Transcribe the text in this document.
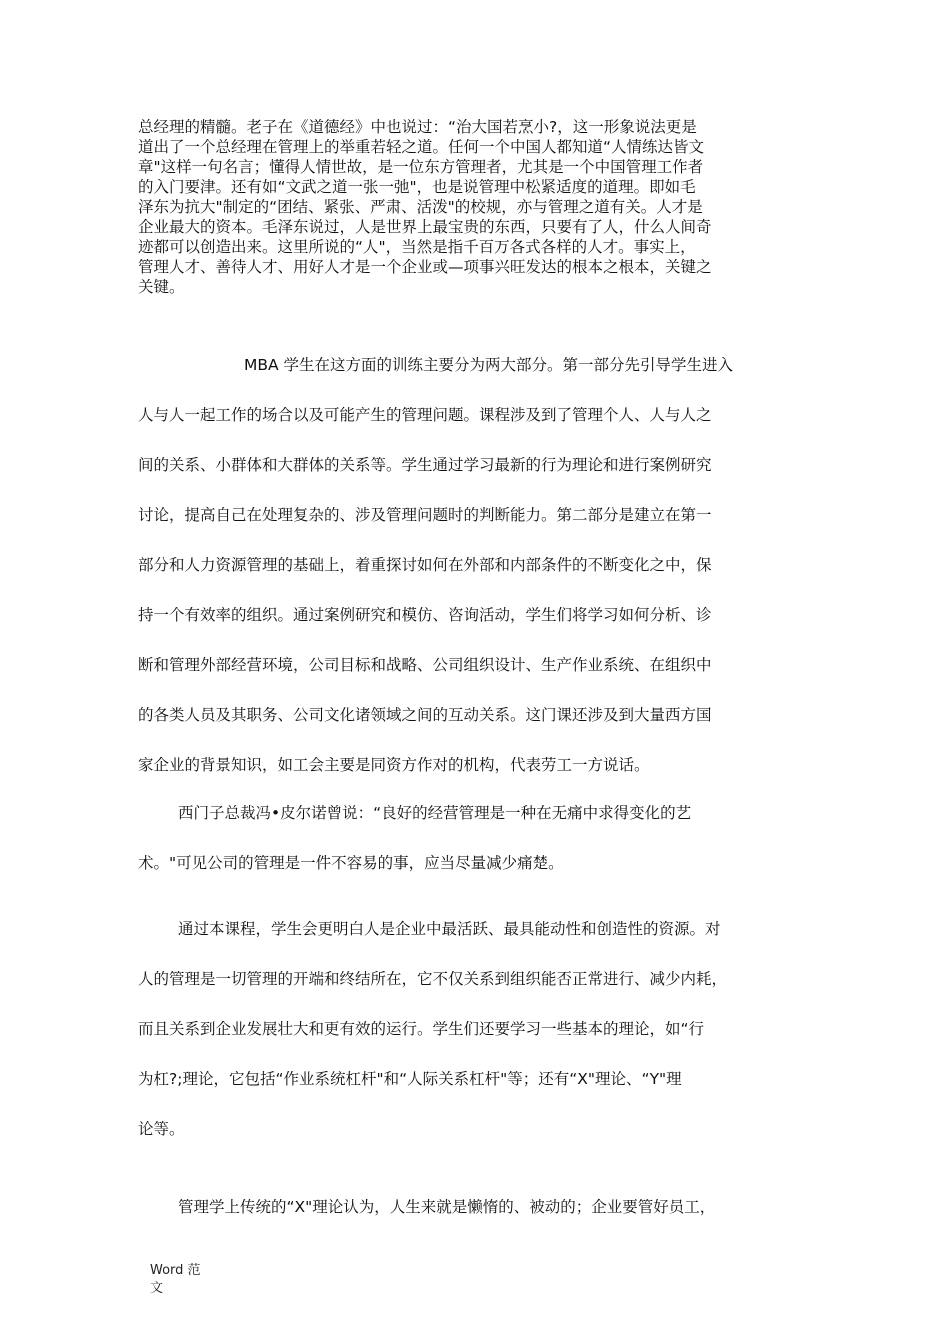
总经理的精髓。老子在《道德经》中也说过：“治大国若烹小?，这一形象说法更是
道出了一个总经理在管理上的举重若轻之道。任何一个中国人都知道“人情练达皆文
章"这样一句名言；懂得人情世故，是一位东方管理者，尤其是一个中国管理工作者
的入门要津。还有如“文武之道一张一弛"，也是说管理中松紧适度的道理。即如毛
泽东为抗大"制定的“团结、紧张、严肃、活泼"的校规，亦与管理之道有关。人才是
企业最大的资本。毛泽东说过，人是世界上最宝贵的东西，只要有了人，什么人间奇
迹都可以创造出来。这里所说的“人"，当然是指千百万各式各样的人才。事实上，
管理人才、善待人才、用好人才是一个企业或—项事兴旺发达的根本之根本，关键之
关键。
MBA 学生在这方面的训练主要分为两大部分。第一部分先引导学生进入
人与人一起工作的场合以及可能产生的管理问题。课程涉及到了管理个人、人与人之
间的关系、小群体和大群体的关系等。学生通过学习最新的行为理论和进行案例研究
讨论，提高自己在处理复杂的、涉及管理问题时的判断能力。第二部分是建立在第一
部分和人力资源管理的基础上，着重探讨如何在外部和内部条件的不断变化之中，保
持一个有效率的组织。通过案例研究和模仿、咨询活动，学生们将学习如何分析、诊
断和管理外部经营环境，公司目标和战略、公司组织设计、生产作业系统、在组织中
的各类人员及其职务、公司文化诸领域之间的互动关系。这门课还涉及到大量西方国
家企业的背景知识，如工会主要是同资方作对的机构，代表劳工一方说话。
西门子总裁冯•皮尔诺曾说：“良好的经营管理是一种在无痛中求得变化的艺
术。"可见公司的管理是一件不容易的事，应当尽量减少痛楚。
通过本课程，学生会更明白人是企业中最活跃、最具能动性和创造性的资源。对
人的管理是一切管理的开端和终结所在，它不仅关系到组织能否正常进行、减少内耗，
而且关系到企业发展壮大和更有效的运行。学生们还要学习一些基本的理论，如“行
为杠?;理论，它包括“作业系统杠杆"和“人际关系杠杆"等；还有“X"理论、“Y"理
论等。
管理学上传统的“X"理论认为，人生来就是懒惰的、被动的；企业要管好员工，
Word 范
文
